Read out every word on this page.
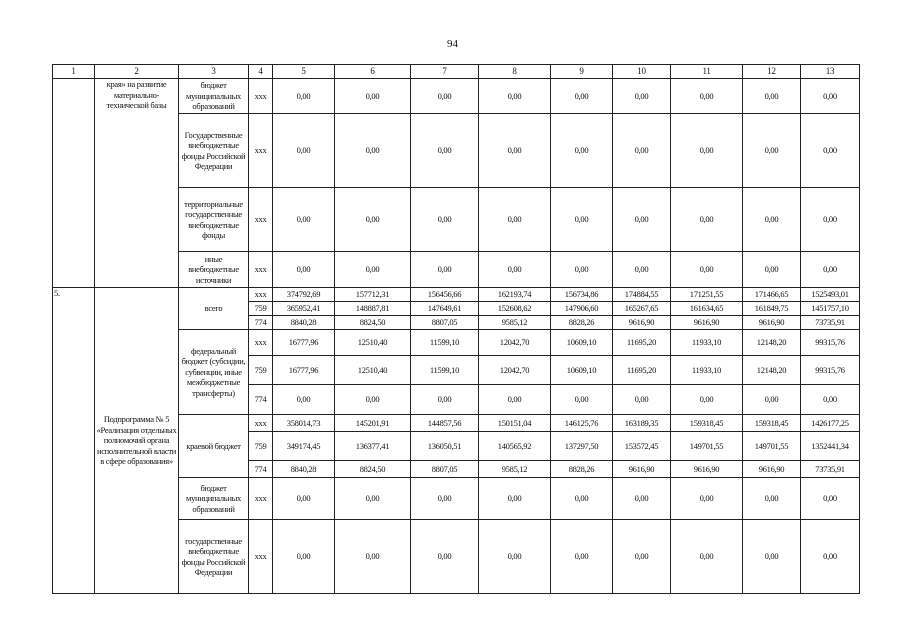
94
1	2	3	4	5	6	7	8	9	10	11	12	13
	края» на развитие материально-технической базы	бюджет муниципальных образований	ххх	0,00	0,00	0,00	0,00	0,00	0,00	0,00	0,00	0,00
		Государственные внебюджетные фонды Российской Федерации	ххх	0,00	0,00	0,00	0,00	0,00	0,00	0,00	0,00	0,00
		территориальные государственные внебюджетные фонды	ххх	0,00	0,00	0,00	0,00	0,00	0,00	0,00	0,00	0,00
		иные внебюджетные источники	ххх	0,00	0,00	0,00	0,00	0,00	0,00	0,00	0,00	0,00
5.	Подпрограмма № 5 «Реализация отдельных полномочий органа исполнительной власти в сфере образования»	всего	ххх	374792,69	157712,31	156456,66	162193,74	156734,86	174884,55	171251,55	171466,65	1525493,01
			759	365952,41	148887,81	147649,61	152608,62	147906,60	165267,65	161634,65	161849,75	1451757,10
			774	8840,28	8824,50	8807,05	9585,12	8828,26	9616,90	9616,90	9616,90	73735,91
		федеральный бюджет (субсидии, субвенции, иные межбюджетные трансферты)	ххх	16777,96	12510,40	11599,10	12042,70	10609,10	11695,20	11933,10	12148,20	99315,76
			759	16777,96	12510,40	11599,10	12042,70	10609,10	11695,20	11933,10	12148,20	99315,76
			774	0,00	0,00	0,00	0,00	0,00	0,00	0,00	0,00	0,00
		краевой бюджет	ххх	358014,73	145201,91	144857,56	150151,04	146125,76	163189,35	159318,45	159318,45	1426177,25
			759	349174,45	136377,41	136050,51	140565,92	137297,50	153572,45	149701,55	149701,55	1352441,34
			774	8840,28	8824,50	8807,05	9585,12	8828,26	9616,90	9616,90	9616,90	73735,91
		бюджет муниципальных образований	ххх	0,00	0,00	0,00	0,00	0,00	0,00	0,00	0,00	0,00
		государственные внебюджетные фонды Российской Федерации	ххх	0,00	0,00	0,00	0,00	0,00	0,00	0,00	0,00	0,00
